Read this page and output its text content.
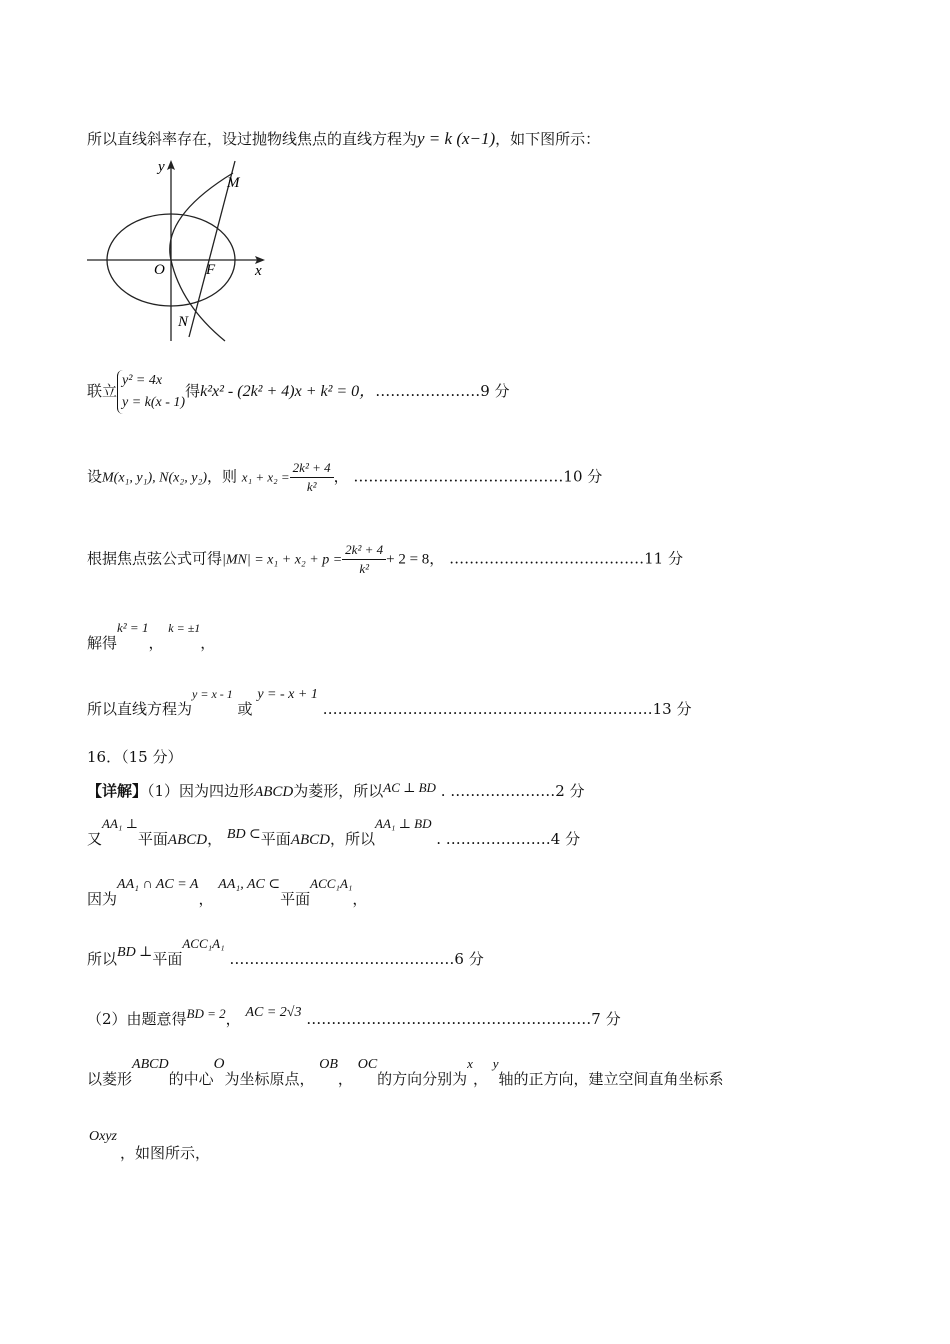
所以直线斜率存在，设过抛物线焦点的直线方程为y = k (x−1)，如下图所示：
y
x
O	F
M
N
联立
y² = 4x
y = k(x - 1)
得k²x² - (2k² + 4)x + k² = 0，…………………9 分
设M(x₁, y₁), N(x₂, y₂)，则 $x_1 + x_2 = \frac{\text{2k² + 4}}{\text{k²}}$ ， ……………………………………10 分
根据焦点弦公式可得$|MN| = x_1 + x_2 + p = \frac{\text{2k² + 4}}{\text{k²}} + 2 = 8$， …………………………………11 分
解得k² = 1， $^{k = \pm 1}$，
所以直线方程为$^{y = x - 1}$ 或 y = - x + 1 …………………………………………………………13 分
16．（15 分）
【详解】（1）因为四边形ABCD为菱形，所以AC ⊥ BD . …………………2 分
又AA₁ ⊥平面ABCD， BD ⊂平面ABCD，所以AA₁ ⊥ BD . …………………4 分
因为AA₁ ∩ AC = A， AA₁, AC ⊂平面ACC₁A₁，
所以BD ⊥平面ACC₁A₁ ………………………………………6 分
（2）由题意得BD = 2， AC = 2√3 …………………………………………………7 分
以菱形ABCD的中心O为坐标原点， OB， OC的方向分别为x， y轴的正方向，建立空间直角坐标系
Oxyz
，如图所示，
